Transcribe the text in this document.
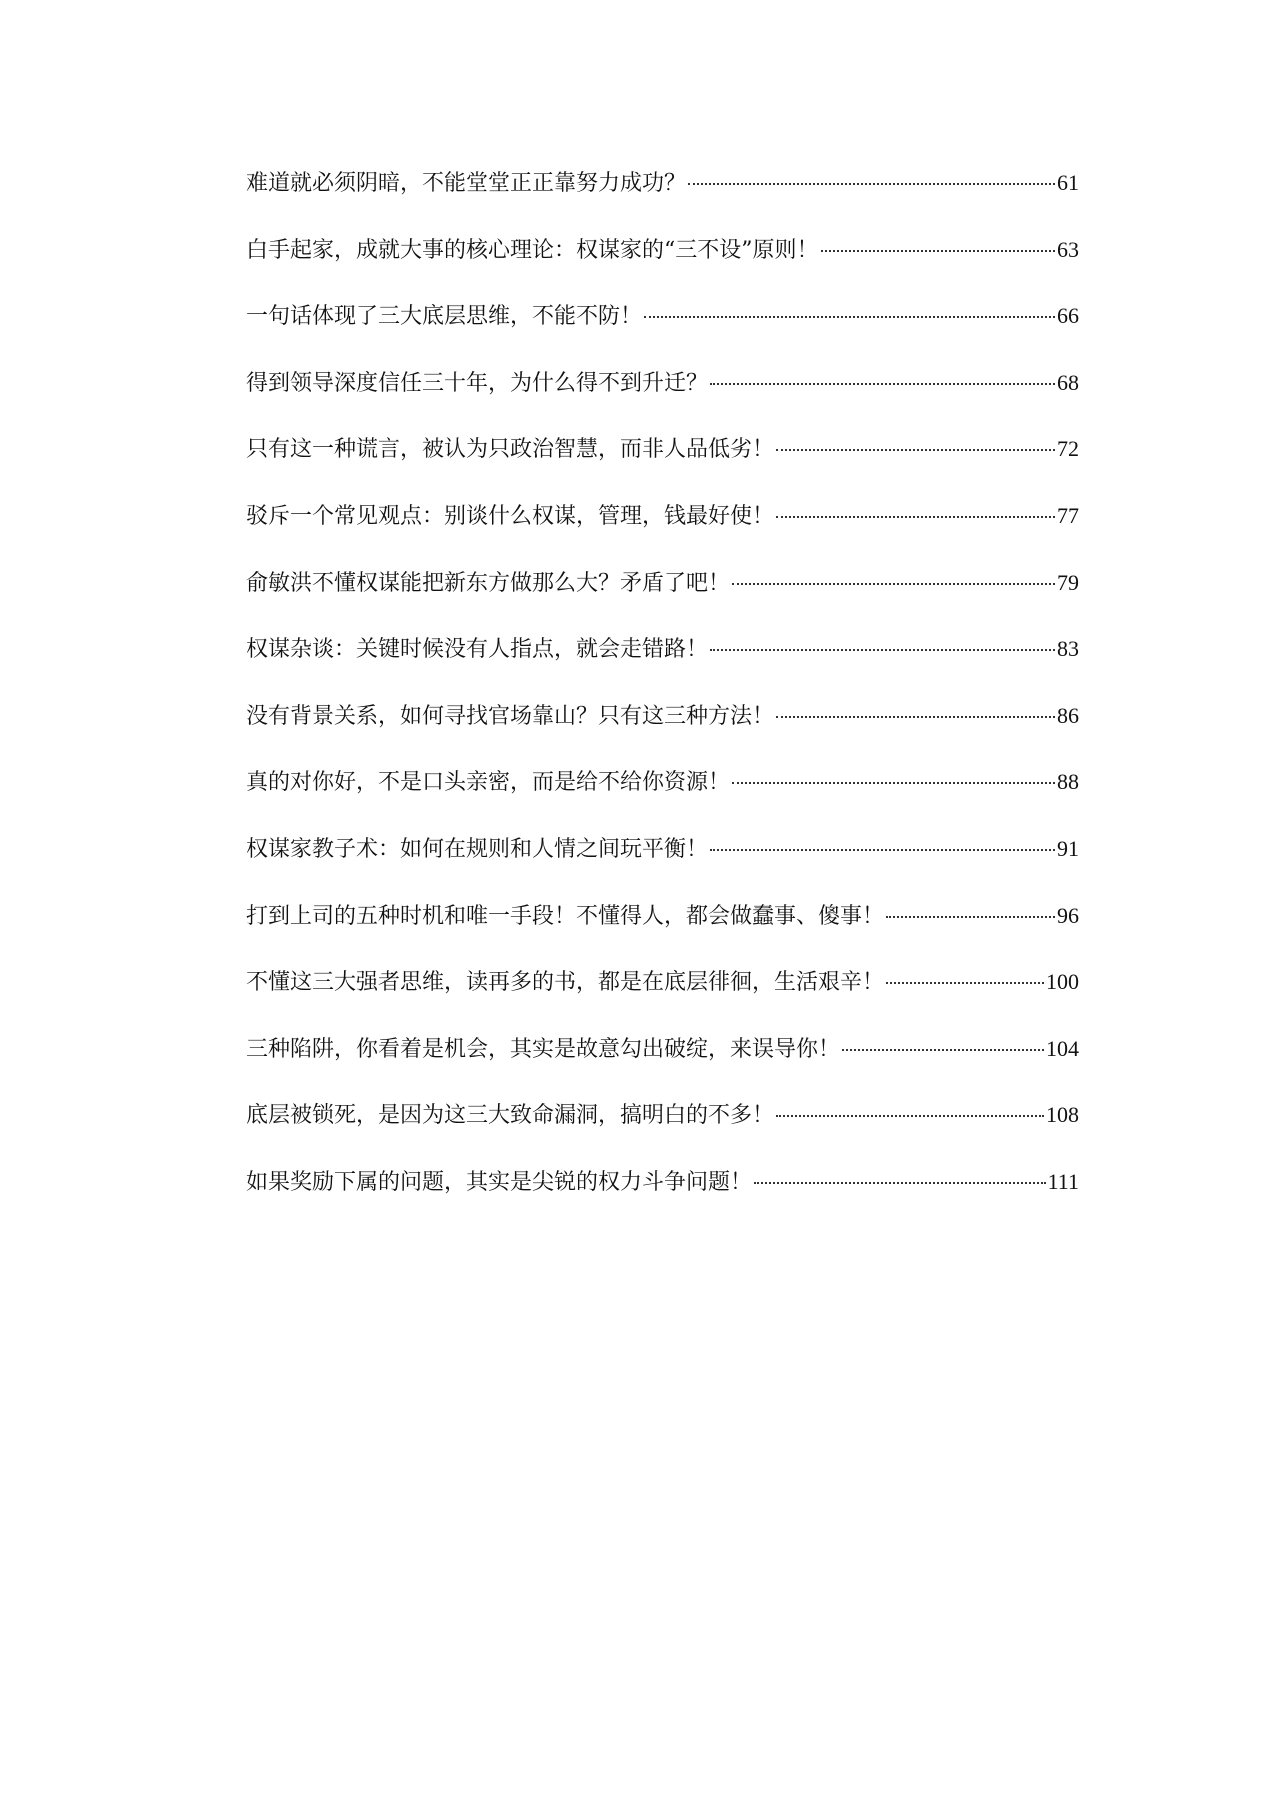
难道就必须阴暗，不能堂堂正正靠努力成功？	61
白手起家，成就大事的核心理论：权谋家的“三不设”原则！	63
一句话体现了三大底层思维，不能不防！	66
得到领导深度信任三十年，为什么得不到升迁？	68
只有这一种谎言，被认为只政治智慧，而非人品低劣！	72
驳斥一个常见观点：别谈什么权谋，管理，钱最好使！	77
俞敏洪不懂权谋能把新东方做那么大？矛盾了吧！	79
权谋杂谈：关键时候没有人指点，就会走错路！	83
没有背景关系，如何寻找官场靠山？只有这三种方法！	86
真的对你好，不是口头亲密，而是给不给你资源！	88
权谋家教子术：如何在规则和人情之间玩平衡！	91
打到上司的五种时机和唯一手段！不懂得人，都会做蠢事、傻事！	96
不懂这三大强者思维，读再多的书，都是在底层徘徊，生活艰辛！	100
三种陷阱，你看着是机会，其实是故意勾出破绽，来误导你！	104
底层被锁死，是因为这三大致命漏洞，搞明白的不多！	108
如果奖励下属的问题，其实是尖锐的权力斗争问题！	111
